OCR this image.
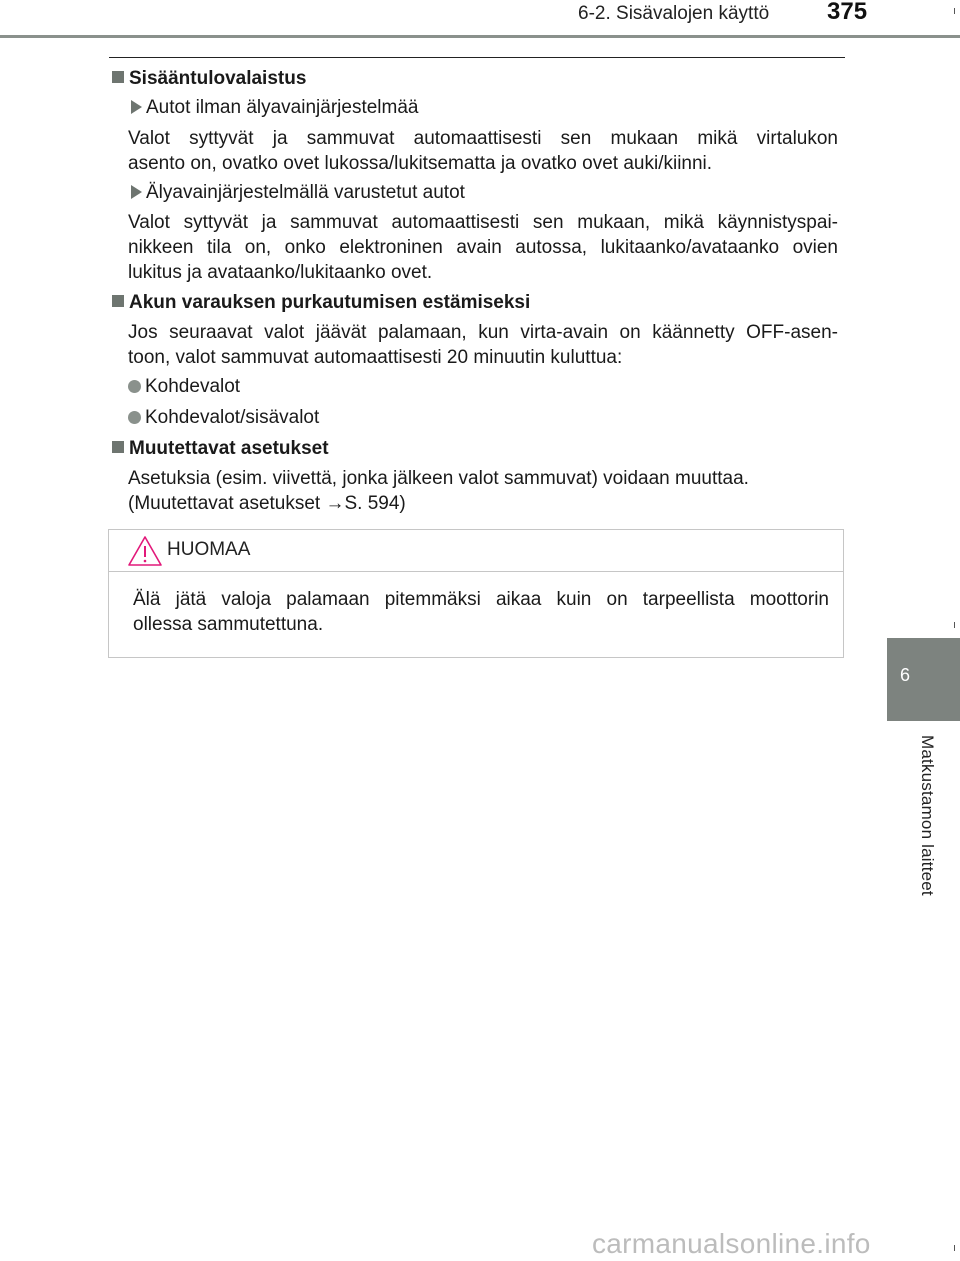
6-2. Sisävalojen käyttö 375
6
Matkustamon laitteet
Sisääntulovalaistus
Autot ilman älyavainjärjestelmää
Valot syttyvät ja sammuvat automaattisesti sen mukaan mikä virtalukon
asento on, ovatko ovet lukossa/lukitsematta ja ovatko ovet auki/kiinni.
Älyavainjärjestelmällä varustetut autot
Valot syttyvät ja sammuvat automaattisesti sen mukaan, mikä käynnistyspai-
nikkeen tila on, onko elektroninen avain autossa, lukitaanko/avataanko ovien
lukitus ja avataanko/lukitaanko ovet.
Akun varauksen purkautumisen estämiseksi
Jos seuraavat valot jäävät palamaan, kun virta-avain on käännetty OFF-asen-
toon, valot sammuvat automaattisesti 20 minuutin kuluttua:
Kohdevalot
Kohdevalot/sisävalot
Muutettavat asetukset
Asetuksia (esim. viivettä, jonka jälkeen valot sammuvat) voidaan muuttaa.
(Muutettavat asetukset →S. 594)
HUOMAA
Älä jätä valoja palamaan pitemmäksi aikaa kuin on tarpeellista moottorin
ollessa sammutettuna.
carmanualsonline.info
